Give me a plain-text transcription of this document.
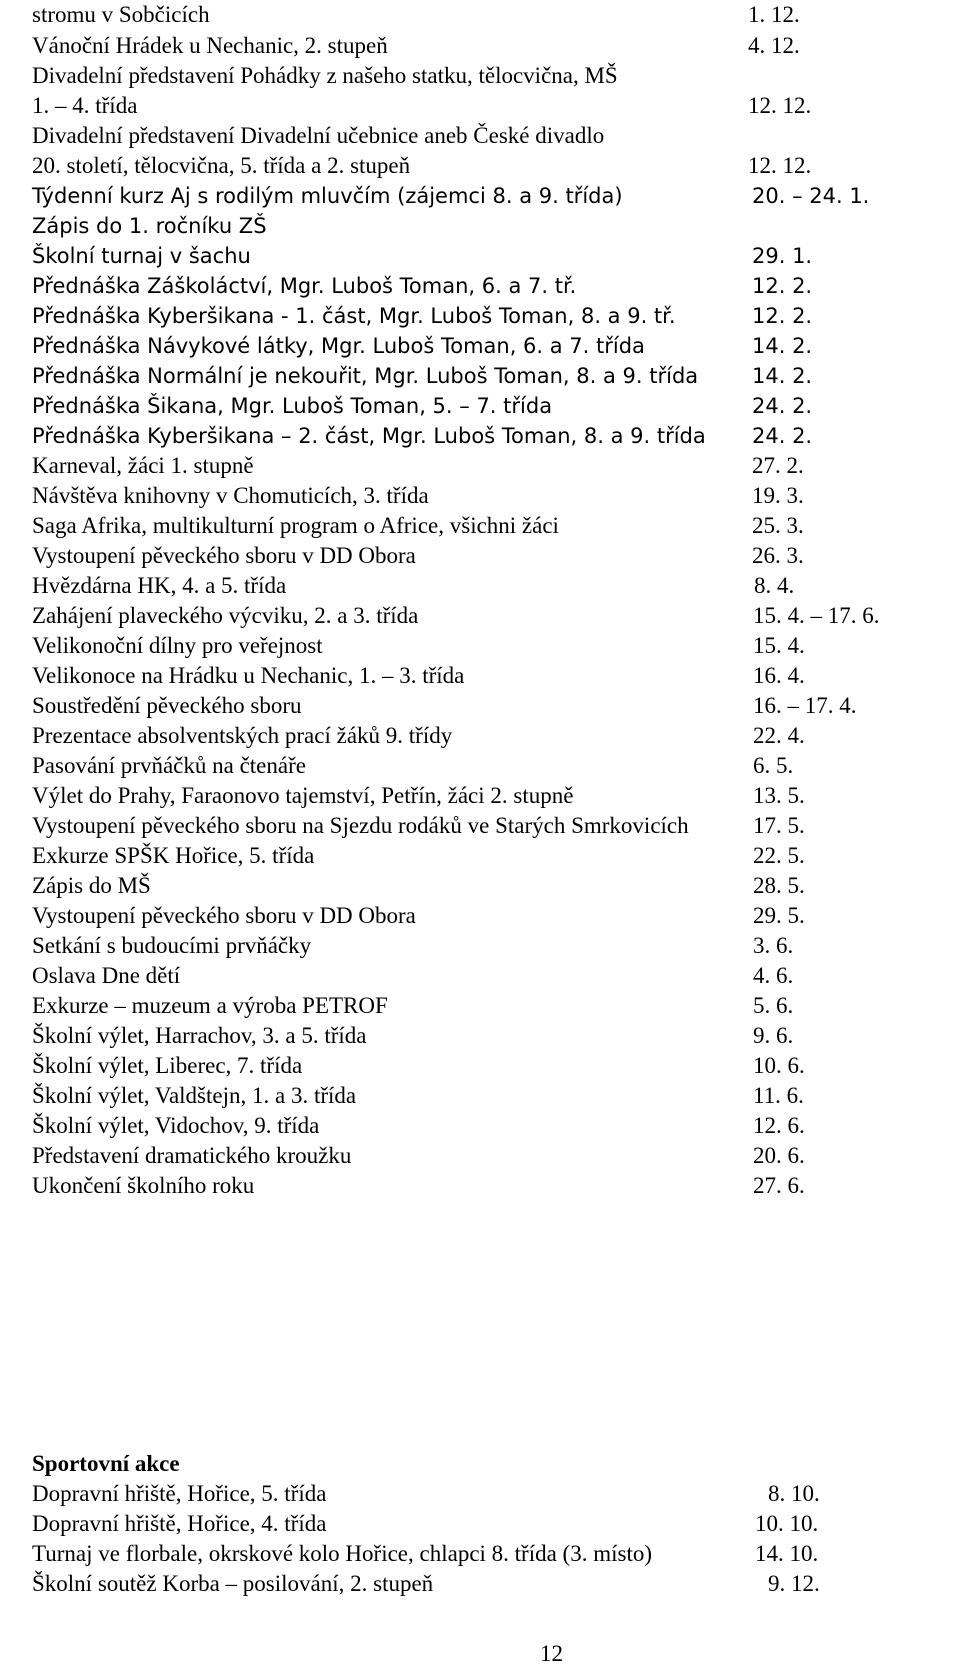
stromu v Sobčicích	1. 12.
Vánoční Hrádek u Nechanic, 2. stupeň	4. 12.
Divadelní představení Pohádky z našeho statku, tělocvična, MŠ
1. – 4. třída	12. 12.
Divadelní představení Divadelní učebnice aneb České divadlo
20. století, tělocvična, 5. třída a 2. stupeň	12. 12.
Týdenní kurz Aj s rodilým mluvčím (zájemci 8. a 9. třída)	20. – 24. 1.
Zápis do 1. ročníku ZŠ
Školní turnaj v šachu	29. 1.
Přednáška Záškoláctví, Mgr. Luboš Toman, 6. a 7. tř.	12. 2.
Přednáška Kyberšikana - 1. část, Mgr. Luboš Toman, 8. a 9. tř.	12. 2.
Přednáška Návykové látky, Mgr. Luboš Toman, 6. a 7. třída	14. 2.
Přednáška Normální je nekouřit, Mgr. Luboš Toman, 8. a 9. třída	14. 2.
Přednáška Šikana, Mgr. Luboš Toman, 5. – 7. třída	24. 2.
Přednáška Kyberšikana – 2. část, Mgr. Luboš Toman, 8. a 9. třída 24. 2.
Karneval, žáci 1. stupně	27. 2.
Návštěva knihovny v Chomuticích, 3. třída	19. 3.
Saga Afrika, multikulturní program o Africe, všichni žáci	25. 3.
Vystoupení pěveckého sboru v DD Obora	26. 3.
Hvězdárna HK, 4. a 5. třída	8. 4.
Zahájení plaveckého výcviku, 2. a 3. třída	15. 4. – 17. 6.
Velikonoční dílny pro veřejnost	15. 4.
Velikonoce na Hrádku u Nechanic, 1. – 3. třída	16. 4.
Soustředění pěveckého sboru	16. – 17. 4.
Prezentace absolventských prací žáků 9. třídy	22. 4.
Pasování prvňáčků na čtenáře	6. 5.
Výlet do Prahy, Faraonovo tajemství, Petřín, žáci 2. stupně	13. 5.
Vystoupení pěveckého sboru na Sjezdu rodáků ve Starých Smrkovicích	17. 5.
Exkurze SPŠK Hořice, 5. třída	22. 5.
Zápis do MŠ	28. 5.
Vystoupení pěveckého sboru v DD Obora	29. 5.
Setkání s budoucími prvňáčky	3. 6.
Oslava Dne dětí	4. 6.
Exkurze – muzeum a výroba PETROF	5. 6.
Školní výlet, Harrachov, 3. a 5. třída	9. 6.
Školní výlet, Liberec, 7. třída	10. 6.
Školní výlet, Valdštejn, 1. a 3. třída	11. 6.
Školní výlet, Vidochov, 9. třída	12. 6.
Představení dramatického kroužku	20. 6.
Ukončení školního roku	27. 6.
Sportovní akce
Dopravní hřiště, Hořice, 5. třída	8. 10.
Dopravní hřiště, Hořice, 4. třída	10. 10.
Turnaj ve florbale, okrskové kolo Hořice, chlapci 8. třída (3. místo)	14. 10.
Školní soutěž Korba – posilování, 2. stupeň	9. 12.
12
